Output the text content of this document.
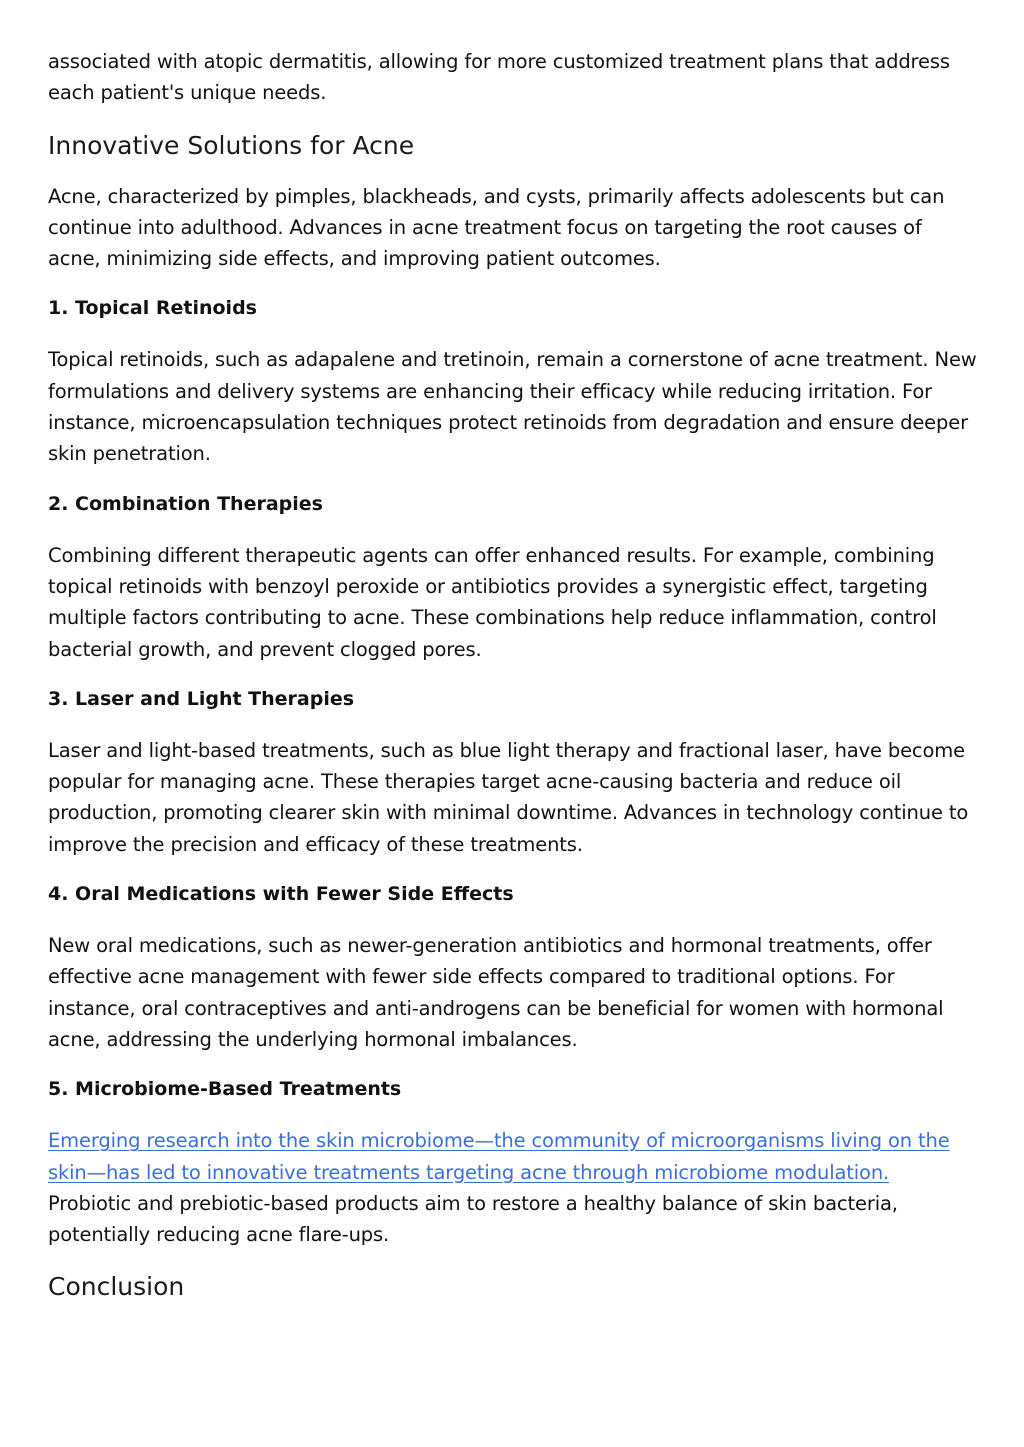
associated with atopic dermatitis, allowing for more customized treatment plans that address each patient's unique needs.

Innovative Solutions for Acne

Acne, characterized by pimples, blackheads, and cysts, primarily affects adolescents but can continue into adulthood. Advances in acne treatment focus on targeting the root causes of acne, minimizing side effects, and improving patient outcomes.

1. Topical Retinoids

Topical retinoids, such as adapalene and tretinoin, remain a cornerstone of acne treatment. New formulations and delivery systems are enhancing their efficacy while reducing irritation. For instance, microencapsulation techniques protect retinoids from degradation and ensure deeper skin penetration.

2. Combination Therapies

Combining different therapeutic agents can offer enhanced results. For example, combining topical retinoids with benzoyl peroxide or antibiotics provides a synergistic effect, targeting multiple factors contributing to acne. These combinations help reduce inflammation, control bacterial growth, and prevent clogged pores.

3. Laser and Light Therapies

Laser and light-based treatments, such as blue light therapy and fractional laser, have become popular for managing acne. These therapies target acne-causing bacteria and reduce oil production, promoting clearer skin with minimal downtime. Advances in technology continue to improve the precision and efficacy of these treatments.

4. Oral Medications with Fewer Side Effects

New oral medications, such as newer-generation antibiotics and hormonal treatments, offer effective acne management with fewer side effects compared to traditional options. For instance, oral contraceptives and anti-androgens can be beneficial for women with hormonal acne, addressing the underlying hormonal imbalances.

5. Microbiome-Based Treatments

Emerging research into the skin microbiome—the community of microorganisms living on the skin—has led to innovative treatments targeting acne through microbiome modulation. Probiotic and prebiotic-based products aim to restore a healthy balance of skin bacteria, potentially reducing acne flare-ups.

Conclusion
